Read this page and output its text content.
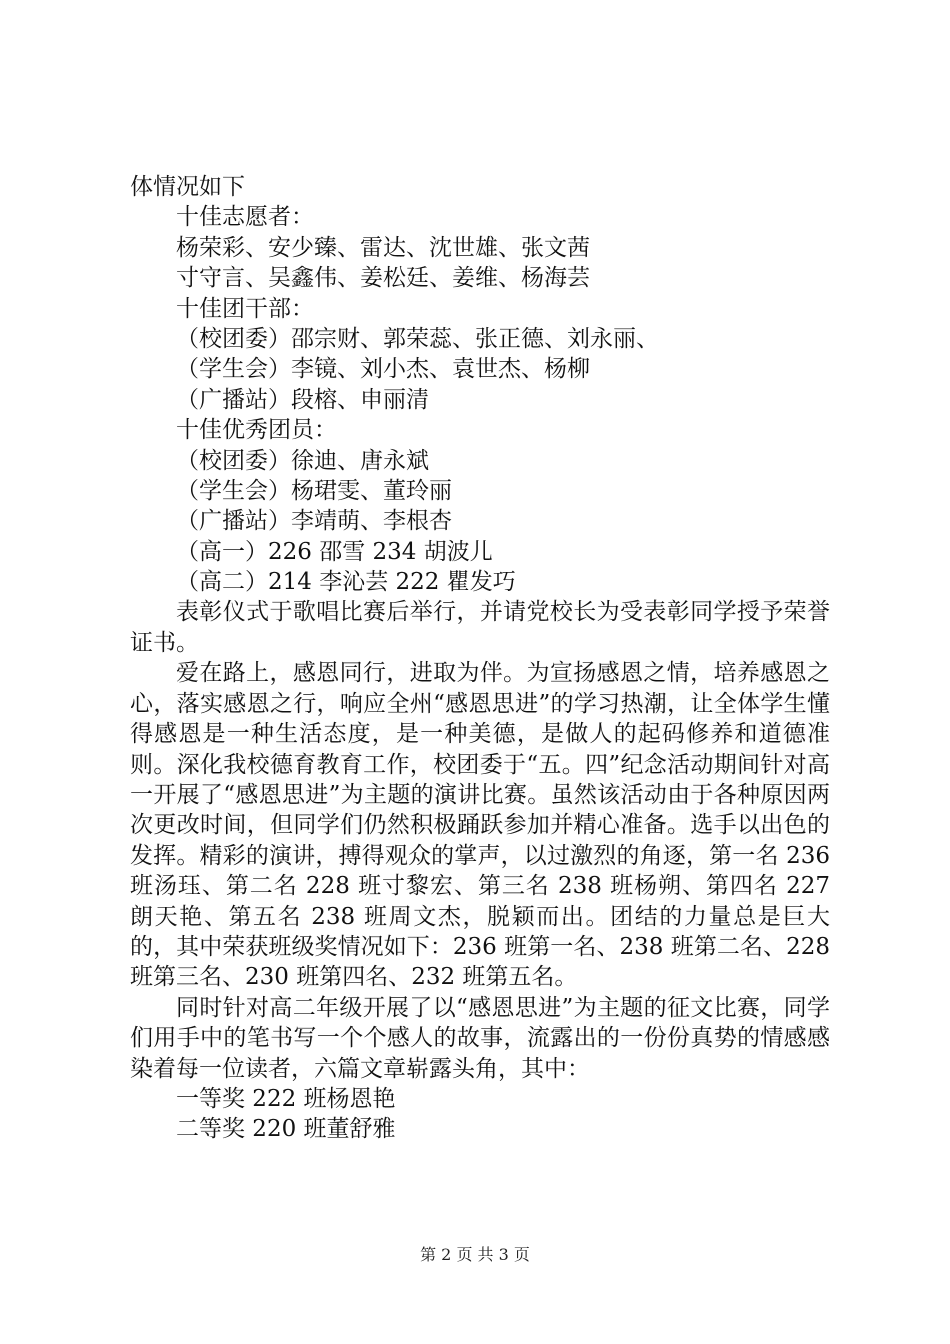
体情况如下
十佳志愿者：
杨荣彩、安少臻、雷达、沈世雄、张文茜
寸守言、吴鑫伟、姜松廷、姜维、杨海芸
十佳团干部：
（校团委）邵宗财、郭荣蕊、张正德、刘永丽、
（学生会）李镜、刘小杰、袁世杰、杨柳
（广播站）段榕、申丽清
十佳优秀团员：
（校团委）徐迪、唐永斌
（学生会）杨珺雯、董玲丽
（广播站）李靖萌、李根杏
（高一）226 邵雪 234 胡波儿
（高二）214 李沁芸 222 瞿发巧
表彰仪式于歌唱比赛后举行，并请党校长为受表彰同学授予荣誉证书。
爱在路上，感恩同行，进取为伴。为宣扬感恩之情，培养感恩之心，落实感恩之行，响应全州“感恩思进”的学习热潮，让全体学生懂得感恩是一种生活态度，是一种美德，是做人的起码修养和道德准则。深化我校德育教育工作，校团委于“五。四”纪念活动期间针对高一开展了“感恩思进”为主题的演讲比赛。虽然该活动由于各种原因两次更改时间，但同学们仍然积极踊跃参加并精心准备。选手以出色的发挥。精彩的演讲，搏得观众的掌声，以过激烈的角逐，第一名 236 班汤珏、第二名 228 班寸黎宏、第三名 238 班杨朔、第四名 227 朗天艳、第五名 238 班周文杰，脱颖而出。团结的力量总是巨大的，其中荣获班级奖情况如下：236 班第一名、238 班第二名、228 班第三名、230 班第四名、232 班第五名。
同时针对高二年级开展了以“感恩思进”为主题的征文比赛，同学们用手中的笔书写一个个感人的故事，流露出的一份份真势的情感感染着每一位读者，六篇文章崭露头角，其中：
一等奖 222 班杨恩艳
二等奖 220 班董舒雅
第 2 页 共 3 页
